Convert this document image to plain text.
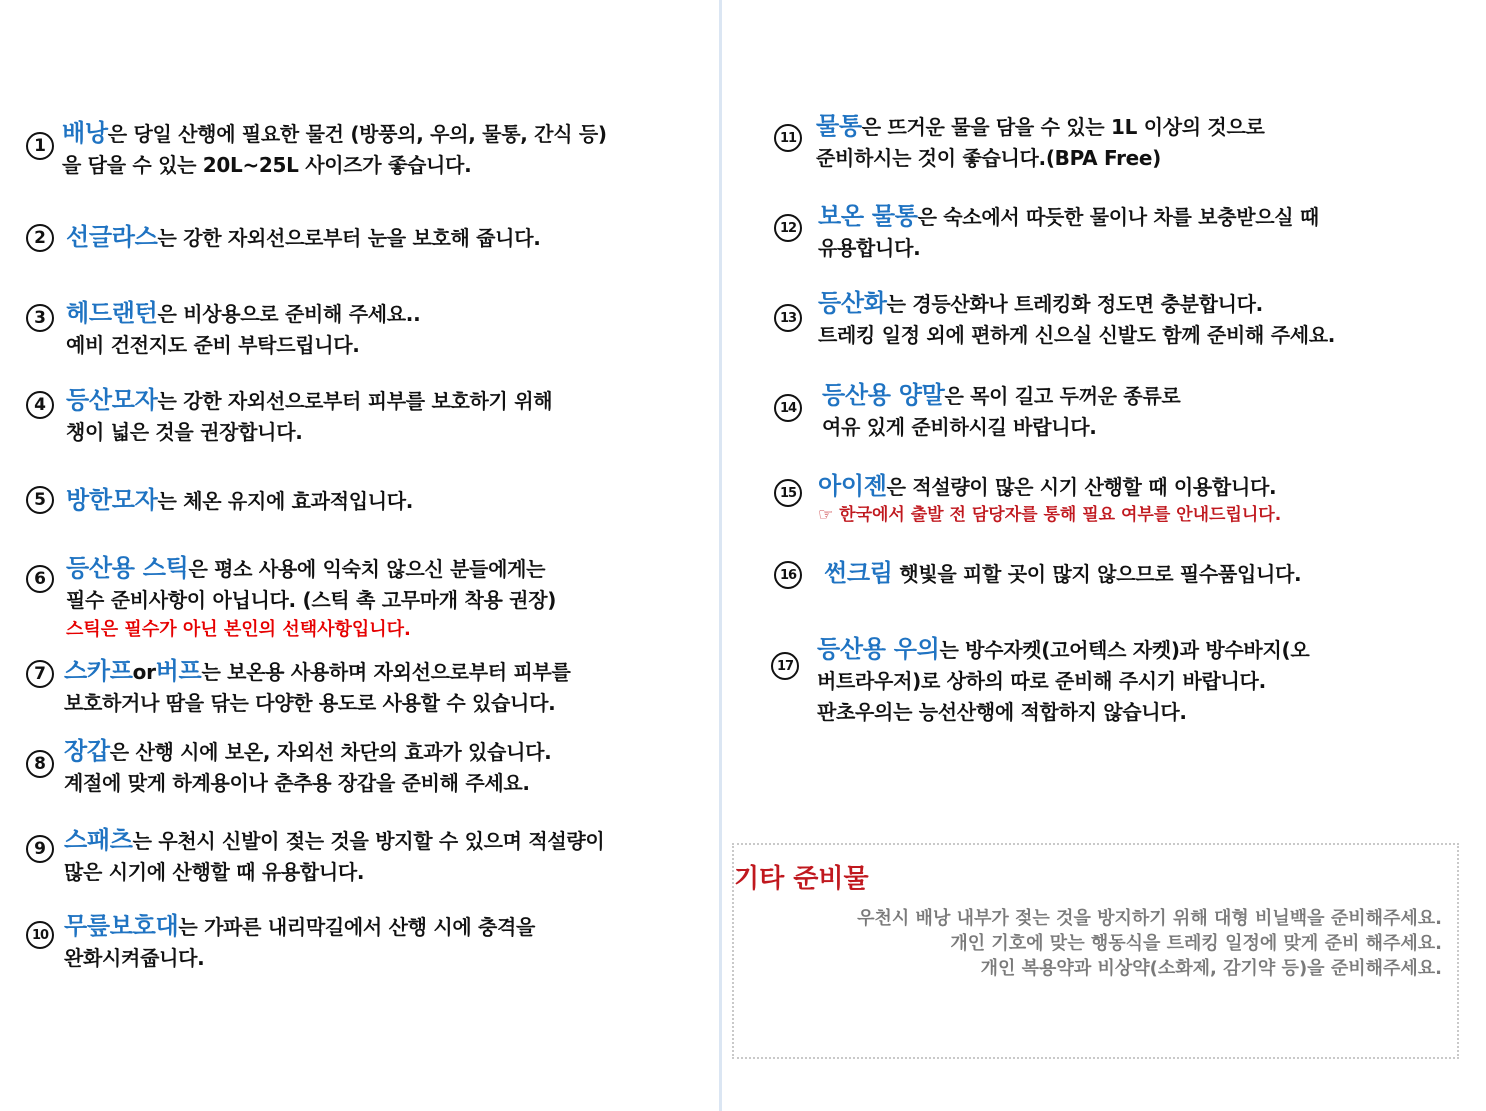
1 배낭은 당일 산행에 필요한 물건 (방풍의, 우의, 물통, 간식 등)
을 담을 수 있는 20L~25L 사이즈가 좋습니다.
2 선글라스는 강한 자외선으로부터 눈을 보호해 줍니다.
3 헤드랜턴은 비상용으로 준비해 주세요..
예비 건전지도 준비 부탁드립니다.
4 등산모자는 강한 자외선으로부터 피부를 보호하기 위해
챙이 넓은 것을 권장합니다.
5 방한모자는 체온 유지에 효과적입니다.
6 등산용 스틱은 평소 사용에 익숙치 않으신 분들에게는
필수 준비사항이 아닙니다. (스틱 촉 고무마개 착용 권장)
스틱은 필수가 아닌 본인의 선택사항입니다.
7 스카프or버프는 보온용 사용하며 자외선으로부터 피부를
보호하거나 땀을 닦는 다양한 용도로 사용할 수 있습니다.
8 장갑은 산행 시에 보온, 자외선 차단의 효과가 있습니다.
계절에 맞게 하계용이나 춘추용 장갑을 준비해 주세요.
9 스패츠는 우천시 신발이 젖는 것을 방지할 수 있으며 적설량이
많은 시기에 산행할 때 유용합니다.
10 무릎보호대는 가파른 내리막길에서 산행 시에 충격을
완화시켜줍니다.
11 물통은 뜨거운 물을 담을 수 있는 1L 이상의 것으로
준비하시는 것이 좋습니다.(BPA Free)
12 보온 물통은 숙소에서 따듯한 물이나 차를 보충받으실 때
유용합니다.
13
등산화는 경등산화나 트레킹화 정도면 충분합니다.
트레킹 일정 외에 편하게 신으실 신발도 함께 준비해 주세요.
14 등산용 양말은 목이 길고 두꺼운 종류로
여유 있게 준비하시길 바랍니다.
15 아이젠은 적설량이 많은 시기 산행할 때 이용합니다.
☞ 한국에서 출발 전 담당자를 통해 필요 여부를 안내드립니다.
16 썬크림 햇빛을 피할 곳이 많지 않으므로 필수품입니다.
17
등산용 우의는 방수자켓(고어텍스 자켓)과 방수바지(오
버트라우저)로 상하의 따로 준비해 주시기 바랍니다.
판초우의는 능선산행에 적합하지 않습니다.
기타 준비물
우천시 배낭 내부가 젖는 것을 방지하기 위해 대형 비닐백을 준비해주세요.
개인 기호에 맞는 행동식을 트레킹 일정에 맞게 준비 해주세요.
개인 복용약과 비상약(소화제, 감기약 등)을 준비해주세요.
